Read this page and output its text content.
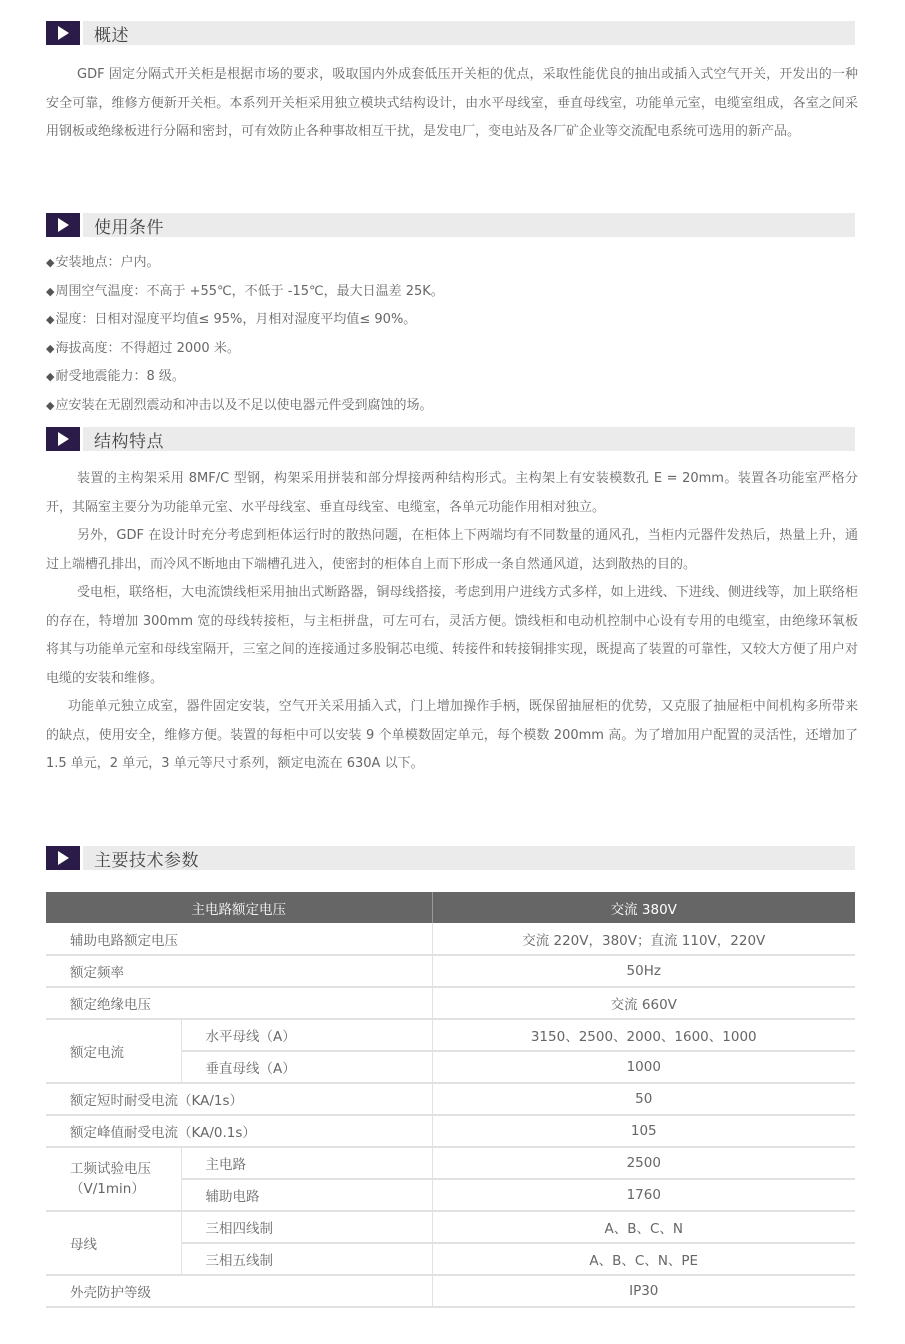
概述

GDF 固定分隔式开关柜是根据市场的要求，吸取国内外成套低压开关柜的优点，采取性能优良的抽出或插入式空气开关，开发出的一种安全可靠，维修方便新开关柜。本系列开关柜采用独立模块式结构设计，由水平母线室，垂直母线室，功能单元室，电缆室组成，各室之间采用钢板或绝缘板进行分隔和密封，可有效防止各种事故相互干扰，是发电厂，变电站及各厂矿企业等交流配电系统可选用的新产品。

使用条件
◆ 安装地点：户内。
◆ 周围空气温度：不高于 +55℃，不低于 -15℃，最大日温差 25K。
◆ 湿度：日相对湿度平均值≤ 95%，月相对湿度平均值≤ 90%。
◆ 海拔高度：不得超过 2000 米。
◆ 耐受地震能力：8 级。
◆ 应安装在无剧烈震动和冲击以及不足以使电器元件受到腐蚀的场。
结构特点

装置的主构架采用 8MF/C 型钢，构架采用拼装和部分焊接两种结构形式。主构架上有安装模数孔 E = 20mm。装置各功能室严格分开，其隔室主要分为功能单元室、水平母线室、垂直母线室、电缆室，各单元功能作用相对独立。

另外，GDF 在设计时充分考虑到柜体运行时的散热问题，在柜体上下两端均有不同数量的通风孔，当柜内元器件发热后，热量上升，通过上端槽孔排出，而冷风不断地由下端槽孔进入，使密封的柜体自上而下形成一条自然通风道，达到散热的目的。

受电柜，联络柜，大电流馈线柜采用抽出式断路器，铜母线搭接，考虑到用户进线方式多样，如上进线、下进线、侧进线等，加上联络柜的存在，特增加 300mm 宽的母线转接柜，与主柜拼盘，可左可右，灵活方便。馈线柜和电动机控制中心设有专用的电缆室，由绝缘环氧板将其与功能单元室和母线室隔开，三室之间的连接通过多股铜芯电缆、转接件和转接铜排实现，既提高了装置的可靠性，又较大方便了用户对电缆的安装和维修。

功能单元独立成室，器件固定安装，空气开关采用插入式，门上增加操作手柄，既保留抽屉柜的优势，又克服了抽屉柜中间机构多所带来的缺点，使用安全，维修方便。装置的每柜中可以安装 9 个单模数固定单元，每个模数 200mm 高。为了增加用户配置的灵活性，还增加了 1.5 单元，2 单元，3 单元等尺寸系列，额定电流在 630A 以下。

主要技术参数
主电路额定电压		交流 380V
辅助电路额定电压		交流 220V，380V；直流 110V，220V
额定频率		50Hz
额定绝缘电压		交流 660V
额定电流	水平母线（A）	3150、2500、2000、1600、1000
	垂直母线（A）	1000
额定短时耐受电流（KA/1s）		50
额定峰值耐受电流（KA/0.1s）		105

工频试验电压
（V/1min）	主电路	2500
	辅助电路	1760
母线	三相四线制	A、B、C、N
	三相五线制	A、B、C、N、PE
外壳防护等级		IP30
